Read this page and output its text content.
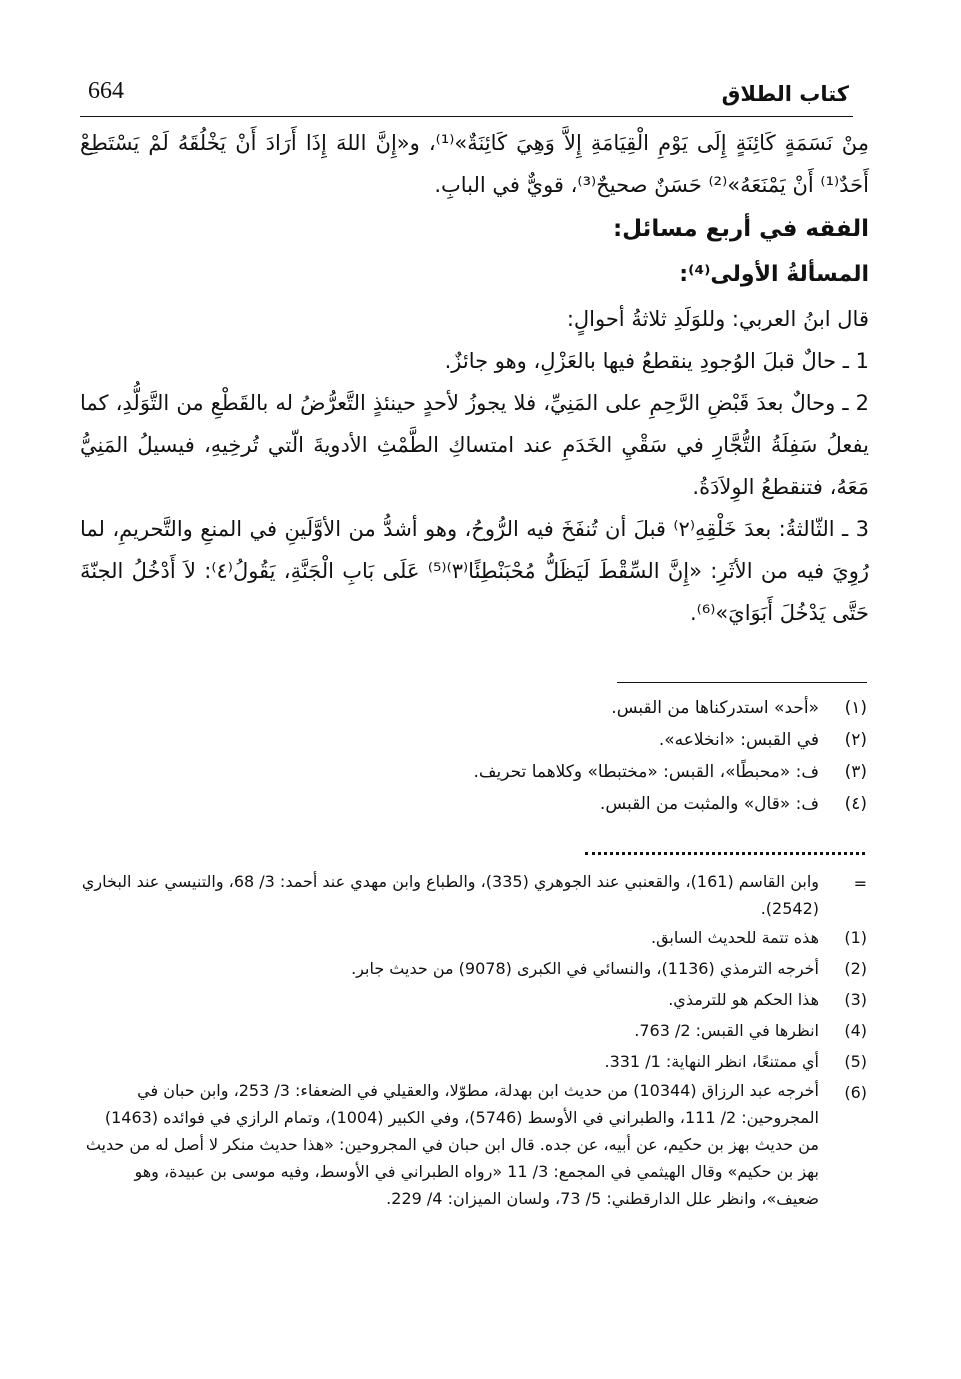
664	كتاب الطلاق

مِنْ نَسَمَةٍ كَائِنَةٍ إِلَى يَوْمِ الْقِيَامَةِ إِلاَّ وَهِيَ كَائِنَةٌ»⁽¹⁾، و«إِنَّ اللهَ إِذَا أَرَادَ أَنْ يَخْلُقَهُ لَمْ يَسْتَطِعْ أَحَدٌ⁽¹⁾ أَنْ يَمْنَعَهُ»⁽²⁾ حَسَنٌ صحيحٌ⁽³⁾، قويٌّ في البابِ.

الفقه في أربع مسائل:

المسألةُ الأولى⁽⁴⁾:

قال ابنُ العربي: وللوَلَدِ ثلاثةُ أحوالٍ:

1 ـ حالٌ قبلَ الوُجودِ ينقطعُ فيها بالعَزْلِ، وهو جائزٌ.

2 ـ وحالٌ بعدَ قَبْضِ الرَّحِمِ على المَنِيِّ، فلا يجوزُ لأحدٍ حينئذٍ التَّعرُّضُ له بالقَطْعِ من التَّوَلُّدِ، كما يفعلُ سَفِلَةُ التُّجَّارِ في سَقْيِ الخَدَمِ عند امتساكِ الطَّمْثِ الأدويةَ الّتي تُرخِيهِ، فيسيلُ المَنِيُّ مَعَهُ، فتنقطعُ الوِلاَدَةُ.

3 ـ الثّالثةُ: بعدَ خَلْقِهِ⁽٢⁾ قبلَ أن تُنفَخَ فيه الرُّوحُ، وهو أشدُّ من الأوَّلَينِ في المنعِ والتَّحريمِ، لما رُوِيَ فيه من الأثَرِ: «إِنَّ السِّقْطَ لَيَظَلُّ مُحْبَنْطِئًا⁽٣⁾⁽⁵⁾ عَلَى بَابِ الْجَنَّةِ، يَقُولُ⁽٤⁾: لاَ أَدْخُلُ الجنّةَ حَتَّى يَدْخُلَ أَبَوَايَ»⁽⁶⁾.

(١)
«أحد» استدركناها من القبس.
(٢)
في القبس: «انخلاعه».
(٣)
ف: «محبطًا»، القبس: «مختبطا» وكلاهما تحريف.
(٤)
ف: «قال» والمثبت من القبس.
=
وابن القاسم (161)، والقعنبي عند الجوهري (335)، والطباع وابن مهدي عند أحمد: 3/ 68، والتنيسي عند البخاري (2542).
(1)
هذه تتمة للحديث السابق.
(2)
أخرجه الترمذي (1136)، والنسائي في الكبرى (9078) من حديث جابر.
(3)
هذا الحكم هو للترمذي.
(4)
انظرها في القبس: 2/ 763.
(5)
أي ممتنعًا، انظر النهاية: 1/ 331.
(6)
أخرجه عبد الرزاق (10344) من حديث ابن بهدلة، مطوّلا، والعقيلي في الضعفاء: 3/ 253، وابن حبان في المجروحين: 2/ 111، والطبراني في الأوسط (5746)، وفي الكبير (1004)، وتمام الرازي في فوائده (1463) من حديث بهز بن حكيم، عن أبيه، عن جده. قال ابن حبان في المجروحين: «هذا حديث منكر لا أصل له من حديث بهز بن حكيم» وقال الهيثمي في المجمع: 3/ 11 «رواه الطبراني في الأوسط، وفيه موسى بن عبيدة، وهو ضعيف»، وانظر علل الدارقطني: 5/ 73، ولسان الميزان: 4/ 229.
